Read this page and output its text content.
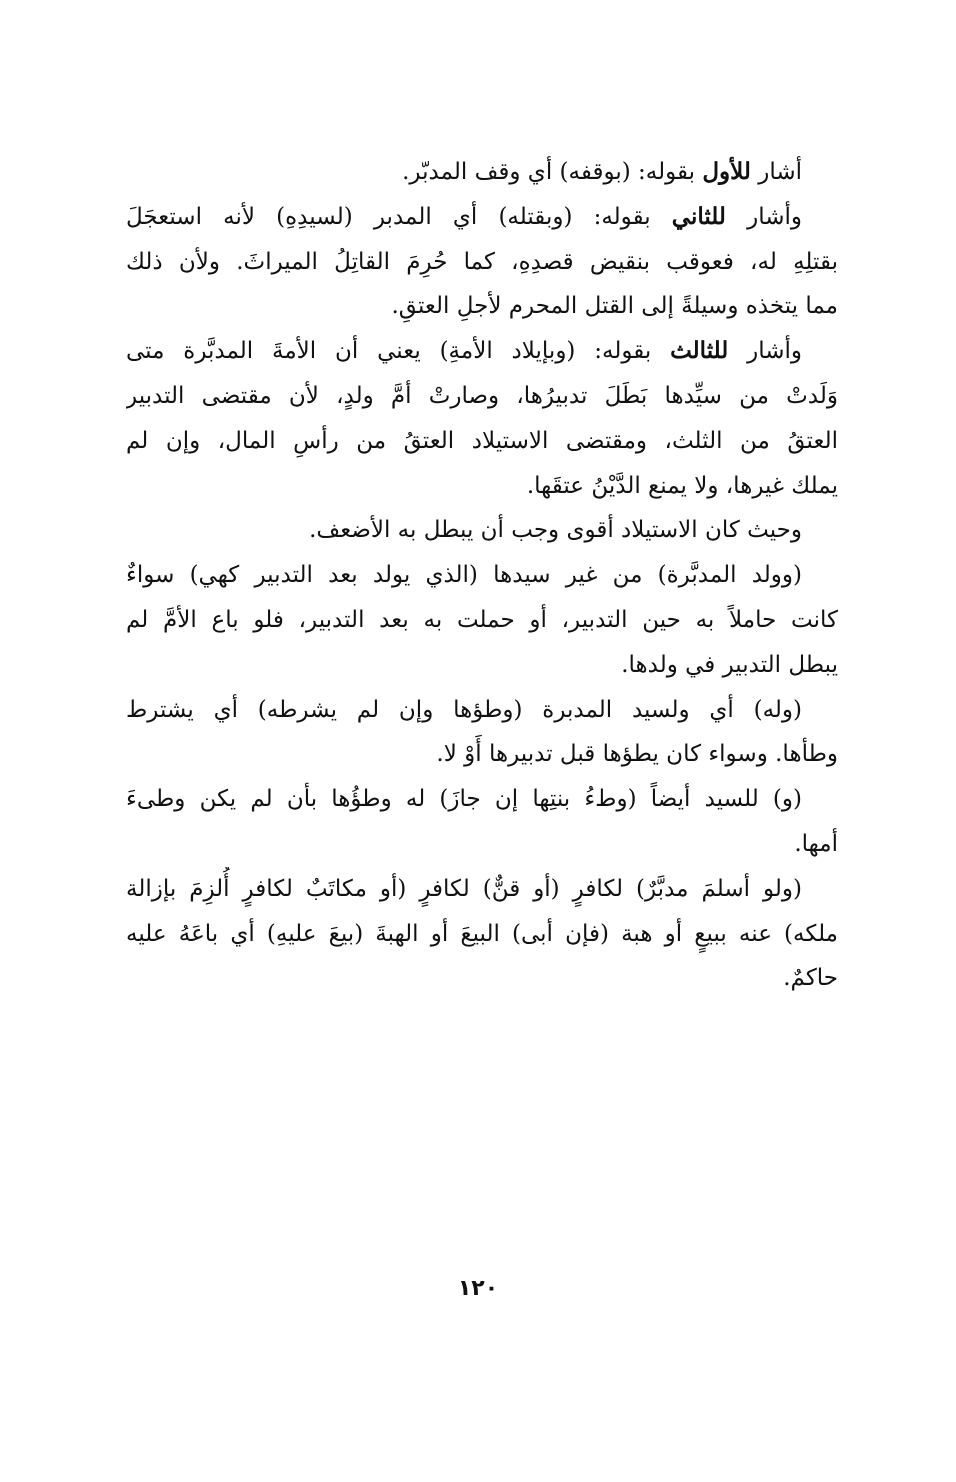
أشار للأول بقوله: (بوقفه) أي وقف المدبّر.
وأشار للثاني بقوله: (وبقتله) أي المدبر (لسيدِهِ) لأنه استعجَلَ
بقتلِهِ له، فعوقب بنقيض قصدِهِ، كما حُرِمَ القاتِلُ الميراثَ. ولأن ذلك
مما يتخذه وسيلةً إلى القتل المحرم لأجلِ العتقِ.
وأشار للثالث بقوله: (وبإيلاد الأمةِ) يعني أن الأمةَ المدبَّرة متى
وَلَدتْ من سيِّدها بَطَلَ تدبيرُها، وصارتْ أمَّ ولدٍ، لأن مقتضى التدبير
العتقُ من الثلث، ومقتضى الاستيلاد العتقُ من رأسِ المال، وإن لم
يملك غيرها، ولا يمنع الدَّيْنُ عتقَها.
وحيث كان الاستيلاد أقوى وجب أن يبطل به الأضعف.
(وولد المدبَّرة) من غير سيدها (الذي يولد بعد التدبير كهي) سواءٌ
كانت حاملاً به حين التدبير، أو حملت به بعد التدبير، فلو باع الأمَّ لم
يبطل التدبير في ولدها.
(وله) أي ولسيد المدبرة (وطؤها وإن لم يشرطه) أي يشترط
وطأها. وسواء كان يطؤها قبل تدبيرها أَوْ لا.
(و) للسيد أيضاً (وطءُ بنتِها إن جازَ) له وطؤُها بأن لم يكن وطىءَ
أمها.
(ولو أسلمَ مدبَّرٌ) لكافرٍ (أو قنٌّ) لكافرٍ (أو مكاتَبٌ لكافرٍ أُلزِمَ بإزالة
ملكه) عنه ببيعٍ أو هبة (فإن أبى) البيعَ أو الهبةَ (بيعَ عليهِ) أي باعَهُ عليه
حاكمٌ.
١٢٠
